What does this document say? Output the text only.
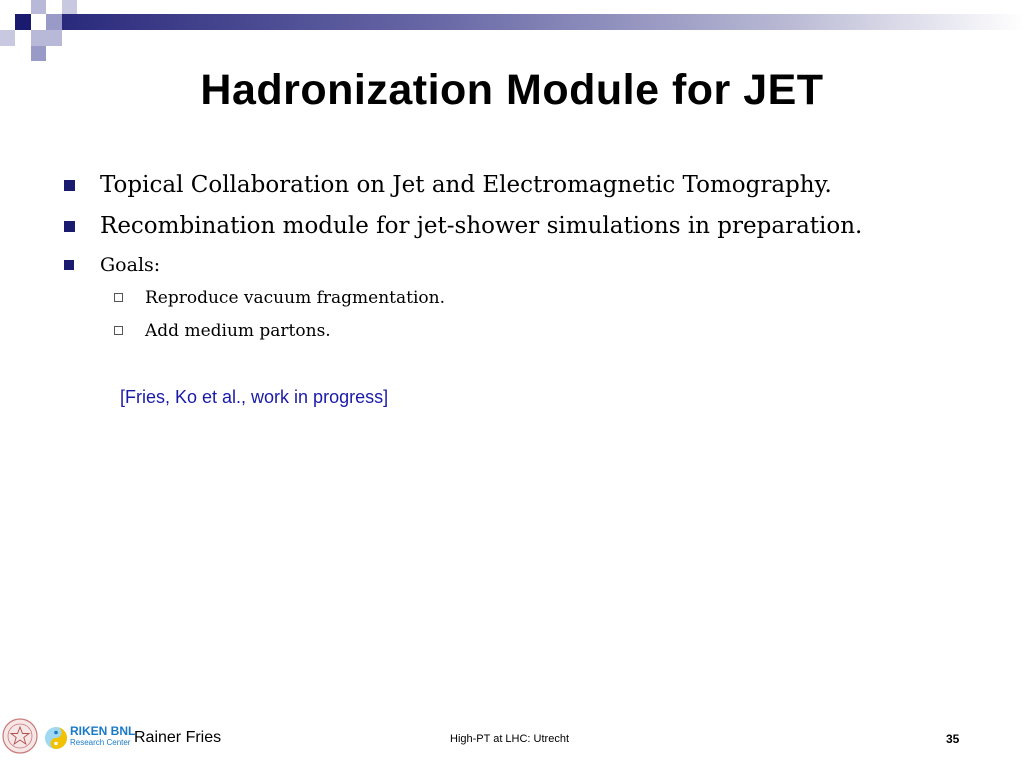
Hadronization Module for JET
Topical Collaboration on Jet and Electromagnetic Tomography.
Recombination module for jet-shower simulations in preparation.
Goals:
Reproduce vacuum fragmentation.
Add medium partons.
[Fries, Ko et al., work in progress]
RIKEN BNL
Research Center Rainer Fries	High-PT at LHC: Utrecht	35
